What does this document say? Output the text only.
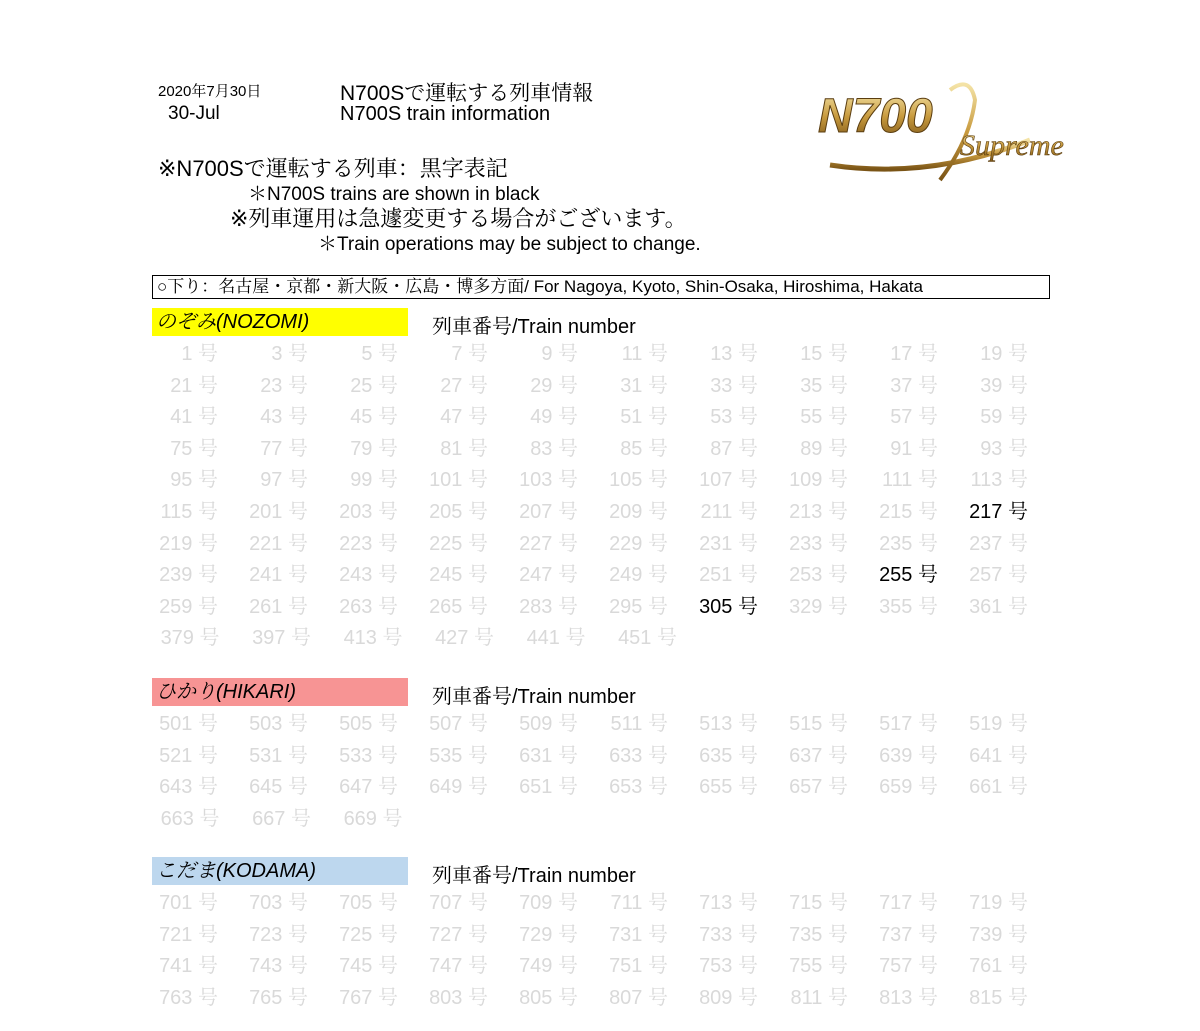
2020年7月30日
30-Jul
N700Sで運転する列車情報
N700S train information
※N700Sで運転する列車：黒字表記
＊N700S trains are shown in black
※列車運用は急遽変更する場合がございます。
＊Train operations may be subject to change.
N700
Supreme
○下り：名古屋・京都・新大阪・広島・博多方面/ For Nagoya, Kyoto, Shin-Osaka, Hiroshima, Hakata
のぞみ(NOZOMI)	列車番号/Train number
1 号	3 号	5 号	7 号	9 号	11 号	13 号	15 号	17 号	19 号
21 号	23 号	25 号	27 号	29 号	31 号	33 号	35 号	37 号	39 号
41 号	43 号	45 号	47 号	49 号	51 号	53 号	55 号	57 号	59 号
75 号	77 号	79 号	81 号	83 号	85 号	87 号	89 号	91 号	93 号
95 号	97 号	99 号	101 号	103 号	105 号	107 号	109 号	111 号	113 号
115 号	201 号	203 号	205 号	207 号	209 号	211 号	213 号	215 号	217 号
219 号	221 号	223 号	225 号	227 号	229 号	231 号	233 号	235 号	237 号
239 号	241 号	243 号	245 号	247 号	249 号	251 号	253 号	255 号	257 号
259 号	261 号	263 号	265 号	283 号	295 号	305 号	329 号	355 号	361 号
379 号	397 号	413 号	427 号	441 号	451 号
ひかり(HIKARI)	列車番号/Train number
501 号	503 号	505 号	507 号	509 号	511 号	513 号	515 号	517 号	519 号
521 号	531 号	533 号	535 号	631 号	633 号	635 号	637 号	639 号	641 号
643 号	645 号	647 号	649 号	651 号	653 号	655 号	657 号	659 号	661 号
663 号	667 号	669 号
こだま(KODAMA)	列車番号/Train number
701 号	703 号	705 号	707 号	709 号	711 号	713 号	715 号	717 号	719 号
721 号	723 号	725 号	727 号	729 号	731 号	733 号	735 号	737 号	739 号
741 号	743 号	745 号	747 号	749 号	751 号	753 号	755 号	757 号	761 号
763 号	765 号	767 号	803 号	805 号	807 号	809 号	811 号	813 号	815 号
